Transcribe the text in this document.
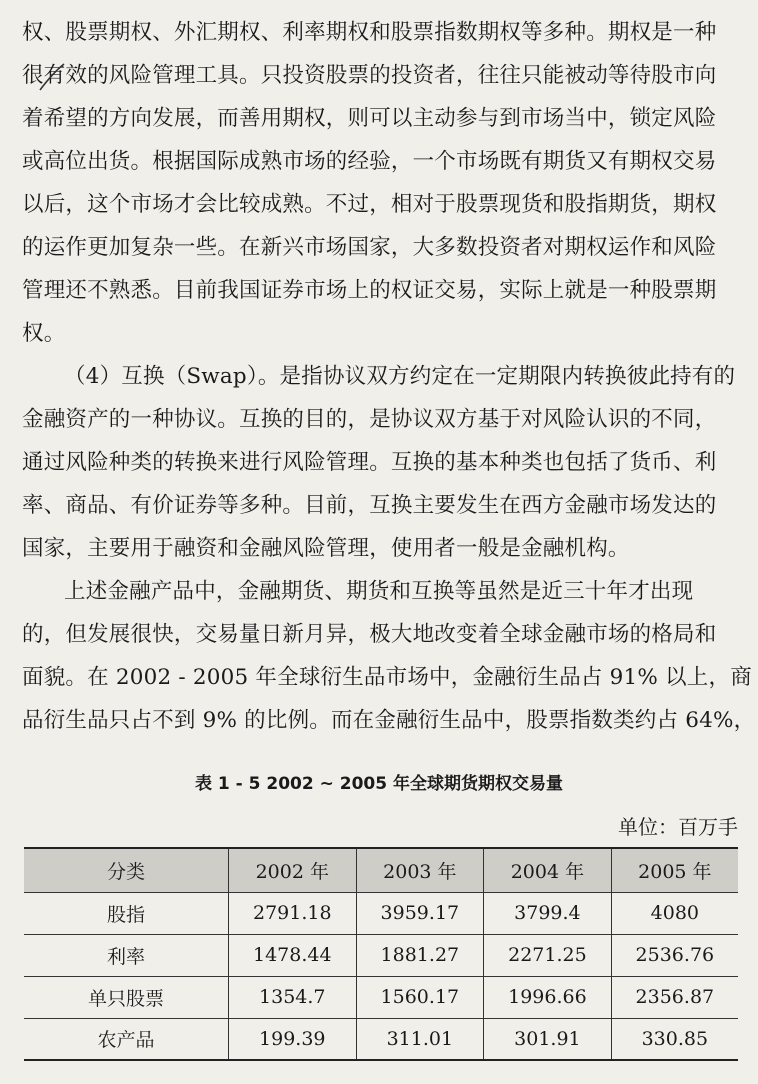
权、股票期权、外汇期权、利率期权和股票指数期权等多种。期权是一种

很有效的风险管理工具。只投资股票的投资者，往往只能被动等待股市向

着希望的方向发展，而善用期权，则可以主动参与到市场当中，锁定风险

或高位出货。根据国际成熟市场的经验，一个市场既有期货又有期权交易

以后，这个市场才会比较成熟。不过，相对于股票现货和股指期货，期权

的运作更加复杂一些。在新兴市场国家，大多数投资者对期权运作和风险

管理还不熟悉。目前我国证券市场上的权证交易，实际上就是一种股票期

权。

（4）互换（Swap）。是指协议双方约定在一定期限内转换彼此持有的

金融资产的一种协议。互换的目的，是协议双方基于对风险认识的不同，

通过风险种类的转换来进行风险管理。互换的基本种类也包括了货币、利

率、商品、有价证券等多种。目前，互换主要发生在西方金融市场发达的

国家，主要用于融资和金融风险管理，使用者一般是金融机构。

上述金融产品中，金融期货、期货和互换等虽然是近三十年才出现

的，但发展很快，交易量日新月异，极大地改变着全球金融市场的格局和

面貌。在 2002 - 2005 年全球衍生品市场中，金融衍生品占 91% 以上，商

品衍生品只占不到 9% 的比例。而在金融衍生品中，股票指数类约占 64%，

表 1 - 5 2002 ~ 2005 年全球期货期权交易量

单位：百万手

分类	2002 年	2003 年	2004 年	2005 年
股指	2791.18	3959.17	3799.4	4080
利率	1478.44	1881.27	2271.25	2536.76
单只股票	1354.7	1560.17	1996.66	2356.87
农产品	199.39	311.01	301.91	330.85
